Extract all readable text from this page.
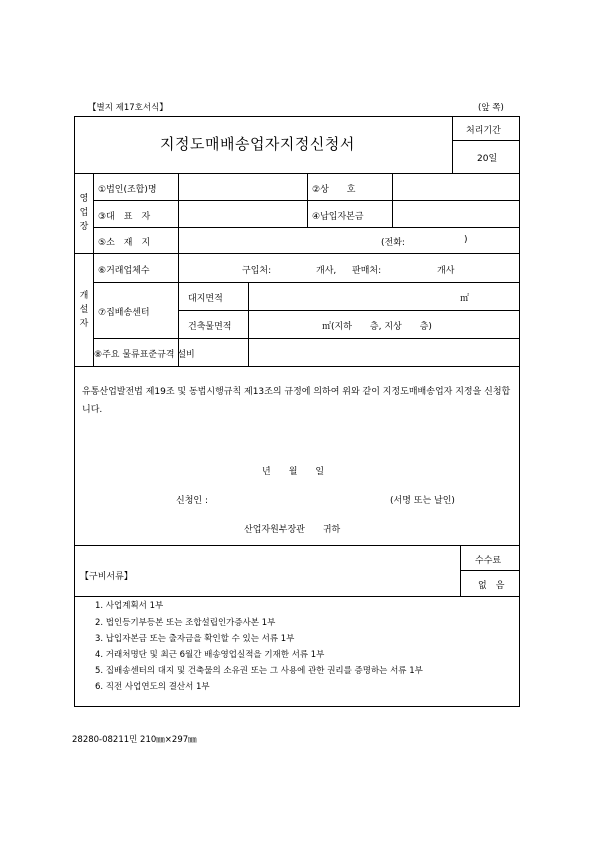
【별지 제17호서식】	(앞 쪽)
지정도매배송업자지정신청서
처리기간
20일
영업장
①법인(조합)명	②상　　호
③대　표　자	④납입자본금
⑤소　재　지	(전화:	)
개설자
⑥거래업체수	구입처:	개사, 판매처:	개사
⑦집배송센터
대지면적	㎡
건축물면적	㎡(지하　　층, 지상　　층)
⑧주요 물류표준규격 설비
유통산업발전법 제19조 및 동법시행규칙 제13조의 규정에 의하여 위와 같이 지정도매배송업자 지정을 신청합니다.
년　　월　　일
신청인 :	(서명 또는 날인)
산업자원부장관　　귀하
【구비서류】
수수료
없　음
1. 사업계획서 1부
2. 법인등기부등본 또는 조합설립인가증사본 1부
3. 납입자본금 또는 출자금을 확인할 수 있는 서류 1부
4. 거래처명단 및 최근 6월간 배송영업실적을 기재한 서류 1부
5. 집배송센터의 대지 및 건축물의 소유권 또는 그 사용에 관한 권리를 증명하는 서류 1부
6. 직전 사업연도의 결산서 1부
28280-08211민 210㎜×297㎜
